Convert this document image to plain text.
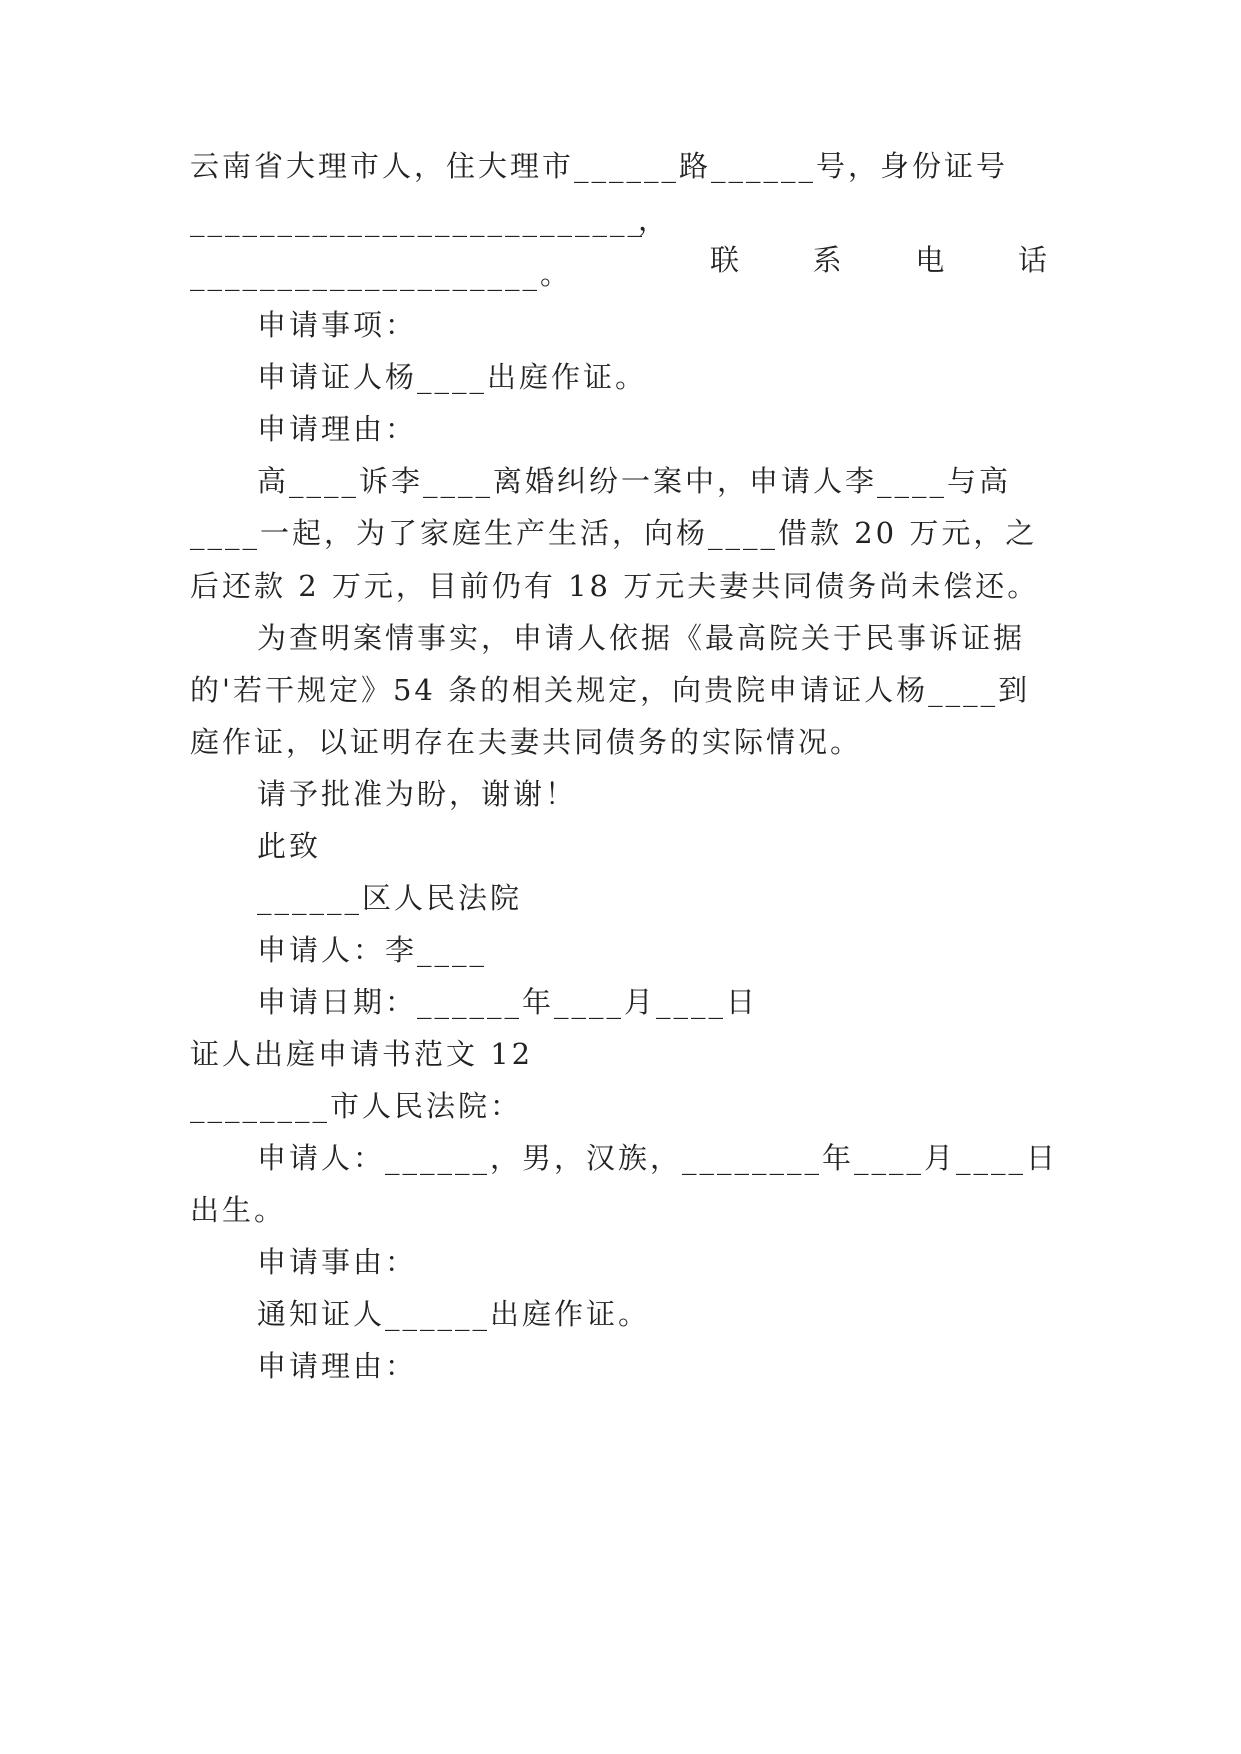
云南省大理市人，住大理市______路______号，身份证号
__________________________
，
联 系 电 话
____________________。
申请事项：
申请证人杨____出庭作证。
申请理由：
高____诉李____离婚纠纷一案中，申请人李____与高
____一起，为了家庭生产生活，向杨____借款 20 万元，之
后还款 2 万元，目前仍有 18 万元夫妻共同债务尚未偿还。
为查明案情事实，申请人依据《最高院关于民事诉证据
的'若干规定》54 条的相关规定，向贵院申请证人杨____到
庭作证，以证明存在夫妻共同债务的实际情况。
请予批准为盼，谢谢！
此致
______区人民法院
申请人：李____
申请日期：______年____月____日
证人出庭申请书范文 12
________市人民法院：
申请人：______，男，汉族，________年____月____日
出生。
申请事由：
通知证人______出庭作证。
申请理由：
